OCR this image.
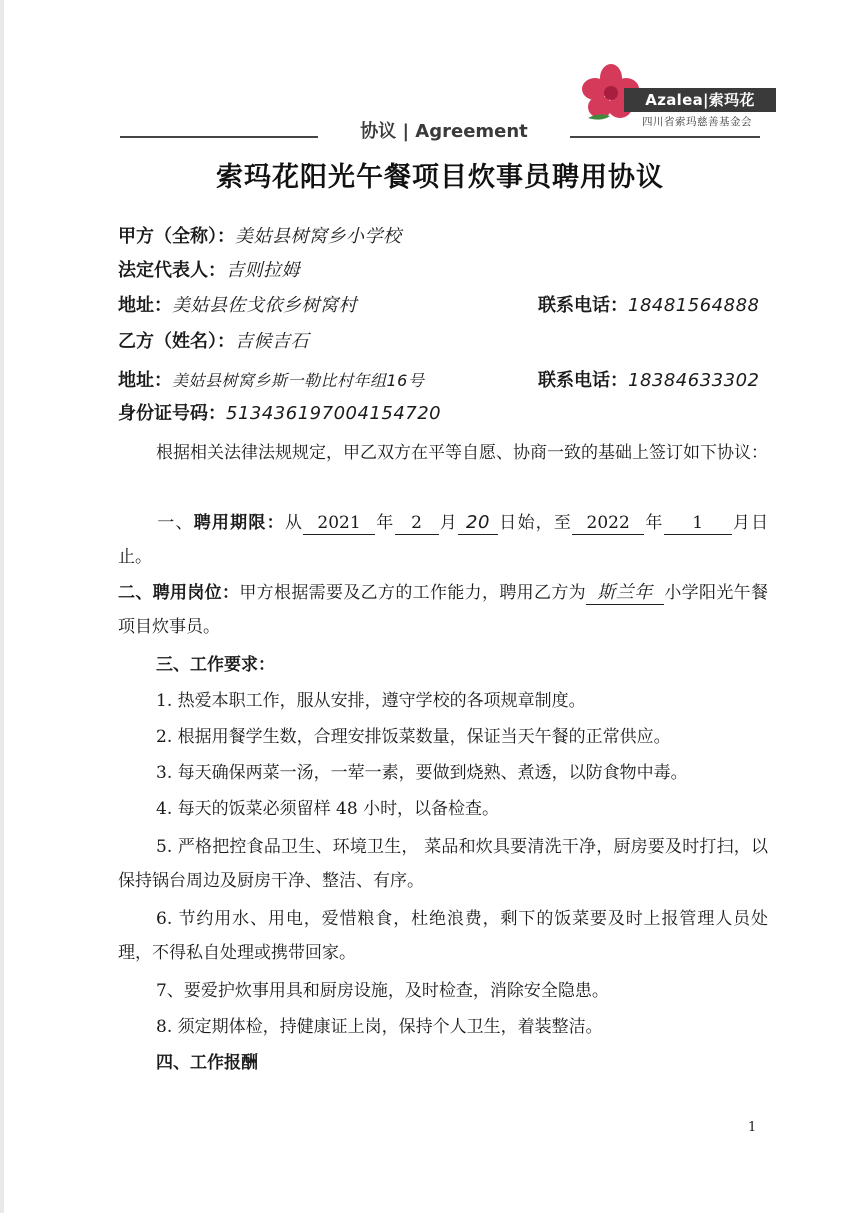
Azalea|索玛花
四川省索玛慈善基金会
协议 | Agreement
索玛花阳光午餐项目炊事员聘用协议
甲方（全称）：美姑县树窝乡小学校
法定代表人：吉则拉姆
地址：美姑县佐戈依乡树窝村	联系电话：18481564888
乙方（姓名）：吉候吉石
地址：美姑县树窝乡斯一勒比村年组16号	联系电话：18384633302
身份证号码：513436197004154720
根据相关法律法规规定，甲乙双方在平等自愿、协商一致的基础上签订如下协议：
一、聘用期限：从 2021 年 2 月 20 日始，至 2022 年 1 月日止。
二、聘用岗位：甲方根据需要及乙方的工作能力，聘用乙方为 斯兰年 小学阳光午餐项目炊事员。
三、工作要求：
1. 热爱本职工作，服从安排，遵守学校的各项规章制度。
2. 根据用餐学生数，合理安排饭菜数量，保证当天午餐的正常供应。
3. 每天确保两菜一汤，一荤一素，要做到烧熟、煮透，以防食物中毒。
4. 每天的饭菜必须留样 48 小时，以备检查。
5. 严格把控食品卫生、环境卫生， 菜品和炊具要清洗干净，厨房要及时打扫，以保持锅台周边及厨房干净、整洁、有序。
6. 节约用水、用电，爱惜粮食，杜绝浪费，剩下的饭菜要及时上报管理人员处理，不得私自处理或携带回家。
7、要爱护炊事用具和厨房设施，及时检查，消除安全隐患。
8. 须定期体检，持健康证上岗，保持个人卫生，着装整洁。
四、工作报酬
1
